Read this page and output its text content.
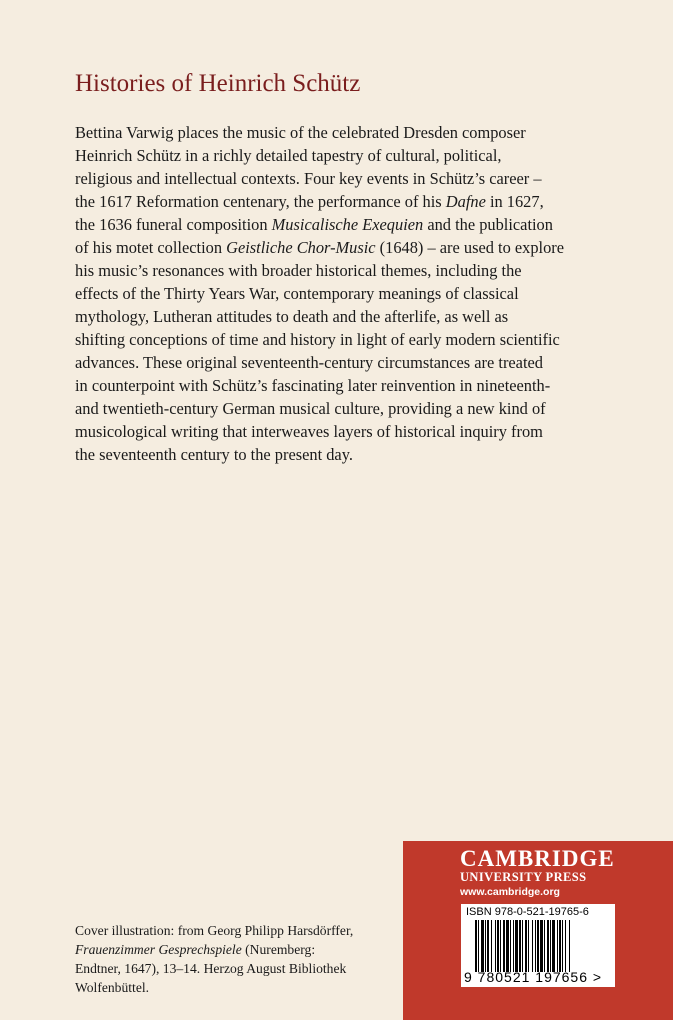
Histories of Heinrich Schütz
Bettina Varwig places the music of the celebrated Dresden composer
Heinrich Schütz in a richly detailed tapestry of cultural, political,
religious and intellectual contexts. Four key events in Schütz’s career –
the 1617 Reformation centenary, the performance of his Dafne in 1627,
the 1636 funeral composition Musicalische Exequien and the publication
of his motet collection Geistliche Chor-Music (1648) – are used to explore
his music’s resonances with broader historical themes, including the
effects of the Thirty Years War, contemporary meanings of classical
mythology, Lutheran attitudes to death and the afterlife, as well as
shifting conceptions of time and history in light of early modern scientific
advances. These original seventeenth-century circumstances are treated
in counterpoint with Schütz’s fascinating later reinvention in nineteenth-
and twentieth-century German musical culture, providing a new kind of
musicological writing that interweaves layers of historical inquiry from
the seventeenth century to the present day.
Cover illustration: from Georg Philipp Harsdörffer,
Frauenzimmer Gesprechspiele (Nuremberg:
Endtner, 1647), 13–14. Herzog August Bibliothek
Wolfenbüttel.
CAMBRIDGE
UNIVERSITY PRESS
www.cambridge.org
ISBN 978-0-521-19765-6
9 780521 197656 >
